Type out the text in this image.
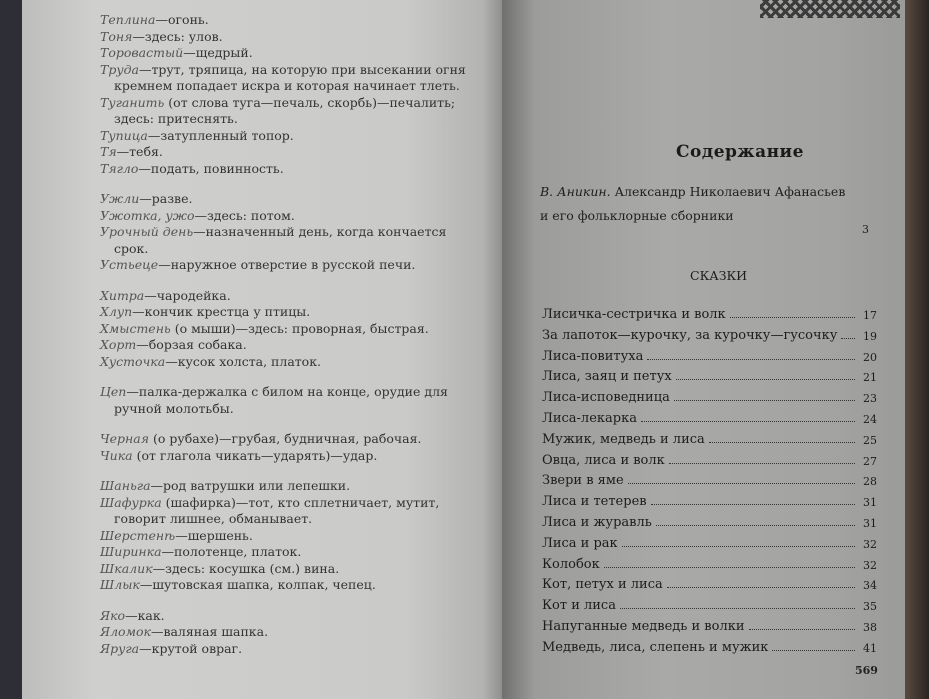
Теплина—огонь.
Тоня—здесь: улов.
Торовастый—щедрый.
Труда—трут, тряпица, на которую при высекании огня кремнем попадает искра и которая начинает тлеть.
Туганить (от слова туга—печаль, скорбь)—печалить; здесь: притеснять.
Тупица—затупленный топор.
Тя—тебя.
Тягло—подать, повинность.
Ужли—разве.
Ужотка, ужо—здесь: потом.
Урочный день—назначенный день, когда кончается срок.
Устьеце—наружное отверстие в русской печи.
Хитра—чародейка.
Хлуп—кончик крестца у птицы.
Хмыстень (о мыши)—здесь: проворная, быстрая.
Хорт—борзая собака.
Хусточка—кусок холста, платок.
Цеп—палка-держалка с билом на конце, орудие для ручной молотьбы.
Черная (о рубахе)—грубая, будничная, рабочая.
Чика (от глагола чикать—ударять)—удар.
Шаньга—род ватрушки или лепешки.
Шафурка (шафирка)—тот, кто сплетничает, мутит, говорит лишнее, обманывает.
Шерстенѣ—шершень.
Ширинка—полотенце, платок.
Шкалик—здесь: косушка (см.) вина.
Шлык—шутовская шапка, колпак, чепец.
Яко—как.
Яломок—валяная шапка.
Яруга—крутой овраг.
Содержание
В. Аникин. Александр Николаевич Афанасьев и его фольклорные сборники
3
СКАЗКИ
Лисичка-сестричка и волк	17
За лапоток—курочку, за курочку—гусочку	19
Лиса-повитуха	20
Лиса, заяц и петух	21
Лиса-исповедница	23
Лиса-лекарка	24
Мужик, медведь и лиса	25
Овца, лиса и волк	27
Звери в яме	28
Лиса и тетерев	31
Лиса и журавль	31
Лиса и рак	32
Колобок	32
Кот, петух и лиса	34
Кот и лиса	35
Напуганные медведь и волки	38
Медведь, лиса, слепень и мужик	41
569
